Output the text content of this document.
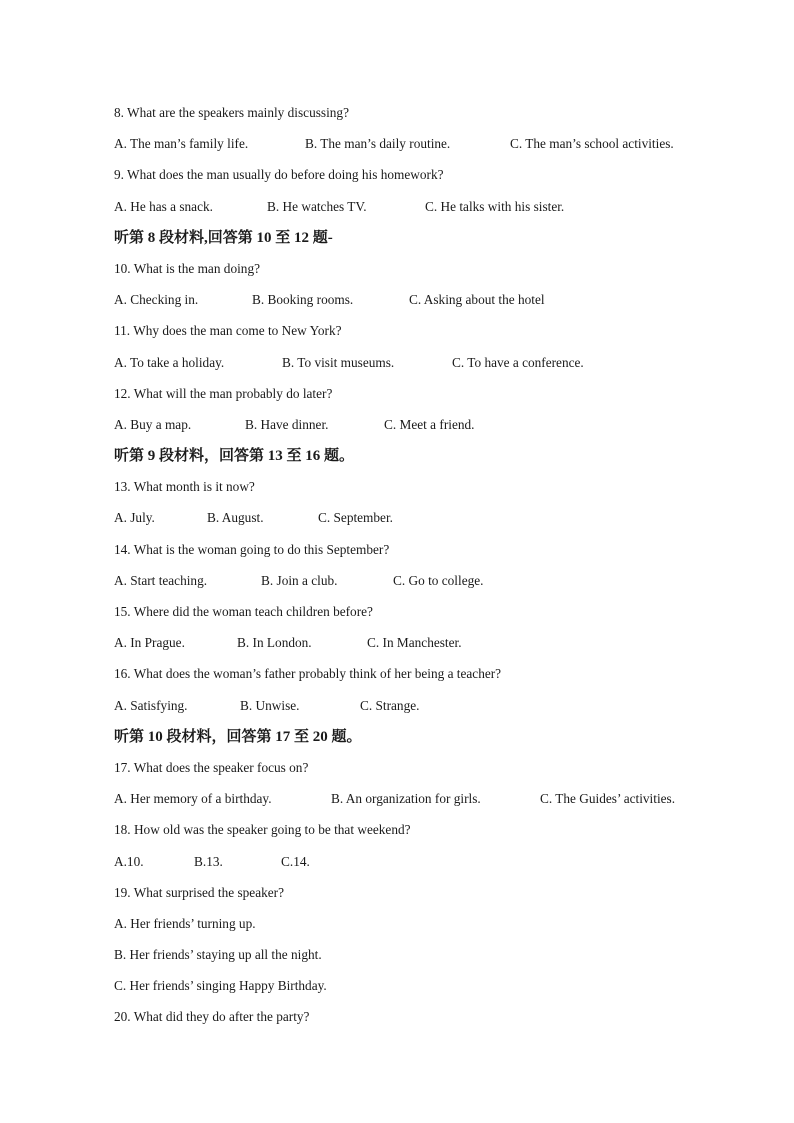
8. What are the speakers mainly discussing?
A. The man’s family life.	B. The man’s daily routine.	C. The man’s school activities.
9. What does the man usually do before doing his homework?
A. He has a snack.	B. He watches TV.	C. He talks with his sister.
听第 8 段材料,回答第 10 至 12 题-
10. What is the man doing?
A. Checking in.	B. Booking rooms.	C. Asking about the hotel
11. Why does the man come to New York?
A. To take a holiday.	B. To visit museums.	C. To have a conference.
12. What will the man probably do later?
A. Buy a map.	B. Have dinner.	C. Meet a friend.
听第 9 段材料，回答第 13 至 16 题。
13. What month is it now?
A. July.	B. August.	C. September.
14. What is the woman going to do this September?
A. Start teaching.	B. Join a club.	C. Go to college.
15. Where did the woman teach children before?
A. In Prague.	B. In London.	C. In Manchester.
16. What does the woman’s father probably think of her being a teacher?
A. Satisfying.	B. Unwise.	C. Strange.
听第 10 段材料，回答第 17 至 20 题。
17. What does the speaker focus on?
A. Her memory of a birthday.	B. An organization for girls.	C. The Guides’ activities.
18. How old was the speaker going to be that weekend?
A.10.	B.13.	C.14.
19. What surprised the speaker?
A. Her friends’ turning up.
B. Her friends’ staying up all the night.
C. Her friends’ singing Happy Birthday.
20. What did they do after the party?
